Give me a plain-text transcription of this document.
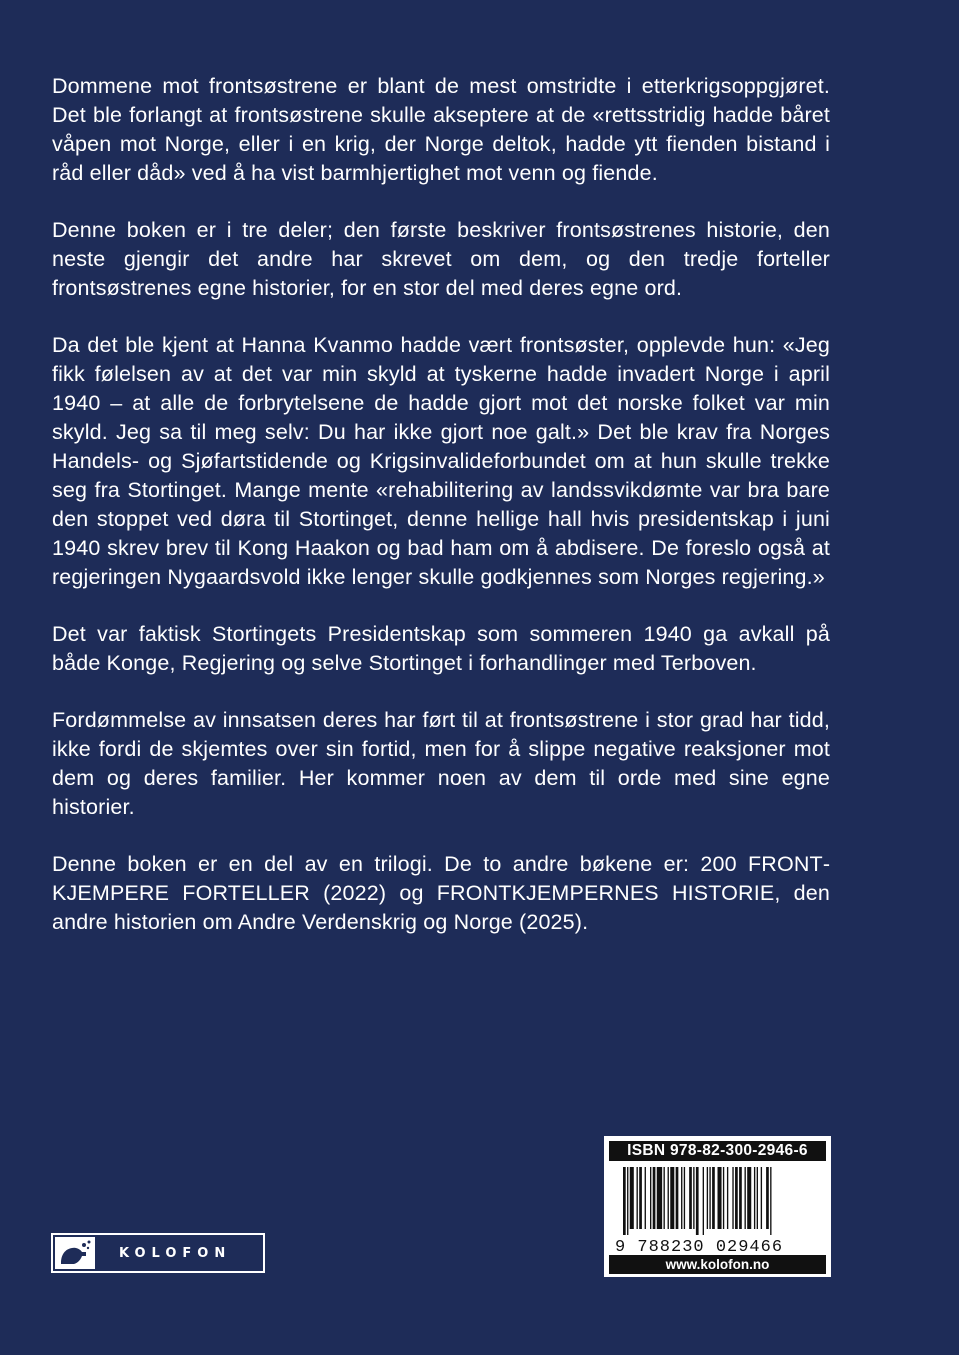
Dommene mot frontsøstrene er blant de mest omstridte i etterkrigsoppgjøret. Det ble forlangt at frontsøstrene skulle akseptere at de «rettsstridig hadde båret våpen mot Norge, eller i en krig, der Norge deltok, hadde ytt fienden bistand i råd eller dåd» ved å ha vist barmhjertighet mot venn og fiende.

Denne boken er i tre deler; den første beskriver frontsøstrenes historie, den neste gjengir det andre har skrevet om dem, og den tredje forteller frontsøstrenes egne historier, for en stor del med deres egne ord.

Da det ble kjent at Hanna Kvanmo hadde vært frontsøster, opplevde hun: «Jeg fikk følelsen av at det var min skyld at tyskerne hadde invadert Norge i april 1940 – at alle de forbrytelsene de hadde gjort mot det norske folket var min skyld. Jeg sa til meg selv: Du har ikke gjort noe galt.» Det ble krav fra Norges Handels- og Sjøfartstidende og Krigsinvalideforbundet om at hun skulle trekke seg fra Stortinget. Mange mente «rehabilitering av landssvikdømte var bra bare den stoppet ved døra til Stortinget, denne hellige hall hvis presidentskap i juni 1940 skrev brev til Kong Haakon og bad ham om å abdisere. De foreslo også at regjeringen Nygaardsvold ikke lenger skulle godkjennes som Norges regjering.»

Det var faktisk Stortingets Presidentskap som sommeren 1940 ga avkall på både Konge, Regjering og selve Stortinget i forhandlinger med Terboven.

Fordømmelse av innsatsen deres har ført til at frontsøstrene i stor grad har tidd, ikke fordi de skjemtes over sin fortid, men for å slippe negative reaksjoner mot dem og deres familier. Her kommer noen av dem til orde med sine egne historier.

Denne boken er en del av en trilogi. De to andre bøkene er: 200 FRONTKJEMPERE FORTELLER (2022) og FRONTKJEMPERNES HISTORIE, den andre historien om Andre Verdenskrig og Norge (2025).

KOLOFON
ISBN 978-82-300-2946-6
9 788230 029466
www.kolofon.no
